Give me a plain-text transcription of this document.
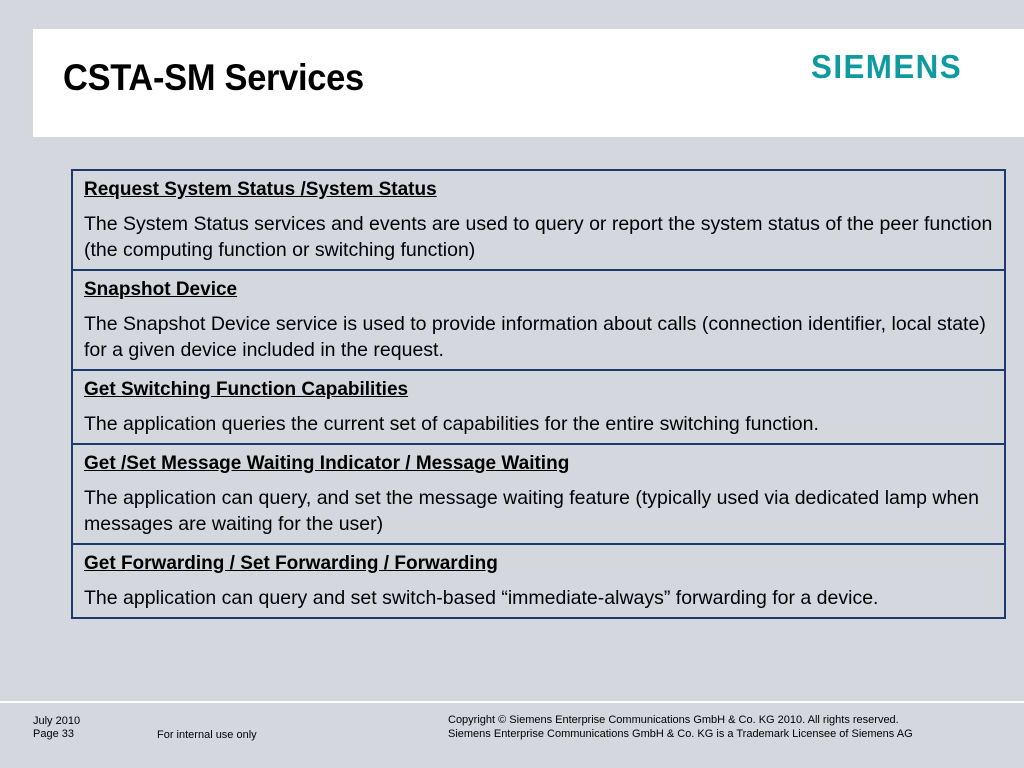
CSTA-SM Services	SIEMENS
Request System Status /System Status
The System Status services and events are used to query or report the system status of the peer function (the computing function or switching function)
Snapshot Device
The Snapshot Device service is used to provide information about calls (connection identifier, local state) for a given device included in the request.
Get Switching Function Capabilities
The application queries the current set of capabilities for the entire switching function.
Get /Set Message Waiting Indicator / Message Waiting
The application can query, and set the message waiting feature (typically used via dedicated lamp when messages are waiting for the user)
Get Forwarding / Set Forwarding / Forwarding
The application can query and set switch-based “immediate-always” forwarding for a device.
July 2010
Page 33	For internal use only
Copyright © Siemens Enterprise Communications GmbH & Co. KG 2010. All rights reserved.
Siemens Enterprise Communications GmbH & Co. KG is a Trademark Licensee of Siemens AG
